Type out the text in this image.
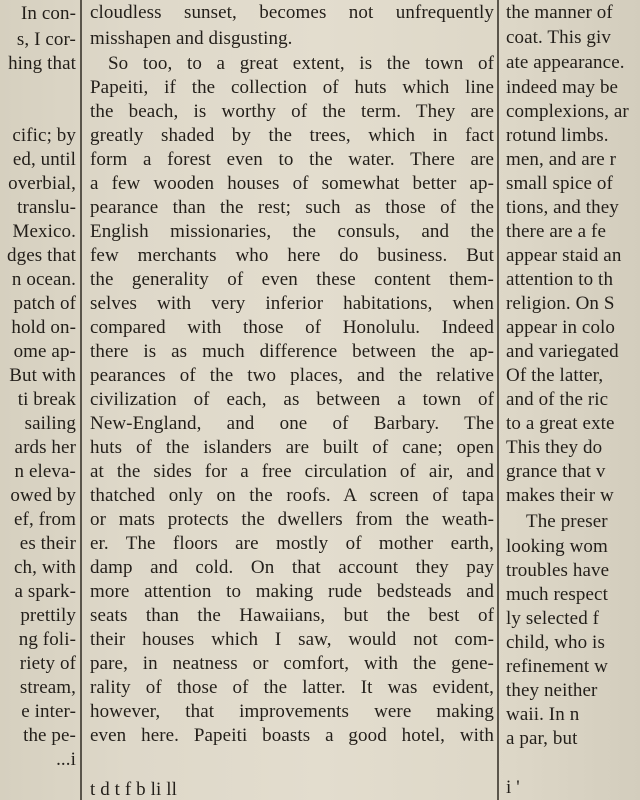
In con-
s, I cor-
hing that
cific; by
ed, until
overbial,
translu-
Mexico.
dges that
n ocean.
patch of
hold on-
ome ap-
But with
ti break
sailing
ards her
n eleva-
owed by
ef, from
es their
ch, with
a spark-
prettily
ng foli-
riety of
stream,
e inter-
the pe-
...i
cloudless sunset, becomes not unfrequently
misshapen and disgusting.
So too, to a great extent, is the town of
Papeiti, if the collection of huts which line
the beach, is worthy of the term. They are
greatly shaded by the trees, which in fact
form a forest even to the water. There are
a few wooden houses of somewhat better ap-
pearance than the rest; such as those of the
English missionaries, the consuls, and the
few merchants who here do business. But
the generality of even these content them-
selves with very inferior habitations, when
compared with those of Honolulu. Indeed
there is as much difference between the ap-
pearances of the two places, and the relative
civilization of each, as between a town of
New-England, and one of Barbary. The
huts of the islanders are built of cane; open
at the sides for a free circulation of air, and
thatched only on the roofs. A screen of tapa
or mats protects the dwellers from the weath-
er. The floors are mostly of mother earth,
damp and cold. On that account they pay
more attention to making rude bedsteads and
seats than the Hawaiians, but the best of
their houses which I saw, would not com-
pare, in neatness or comfort, with the gene-
rality of those of the latter. It was evident,
however, that improvements were making
even here. Papeiti boasts a good hotel, with
t d t f b li ll
the manner of
coat. This giv
ate appearance.
indeed may be
complexions, ar
rotund limbs.
men, and are r
small spice of
tions, and they
there are a fe
appear staid an
attention to th
religion. On S
appear in colo
and variegated
Of the latter,
and of the ric
to a great exte
This they do
grance that v
makes their w
The preser
looking wom
troubles have
much respect
ly selected f
child, who is
refinement w
they neither
waii. In n
a par, but
i '
